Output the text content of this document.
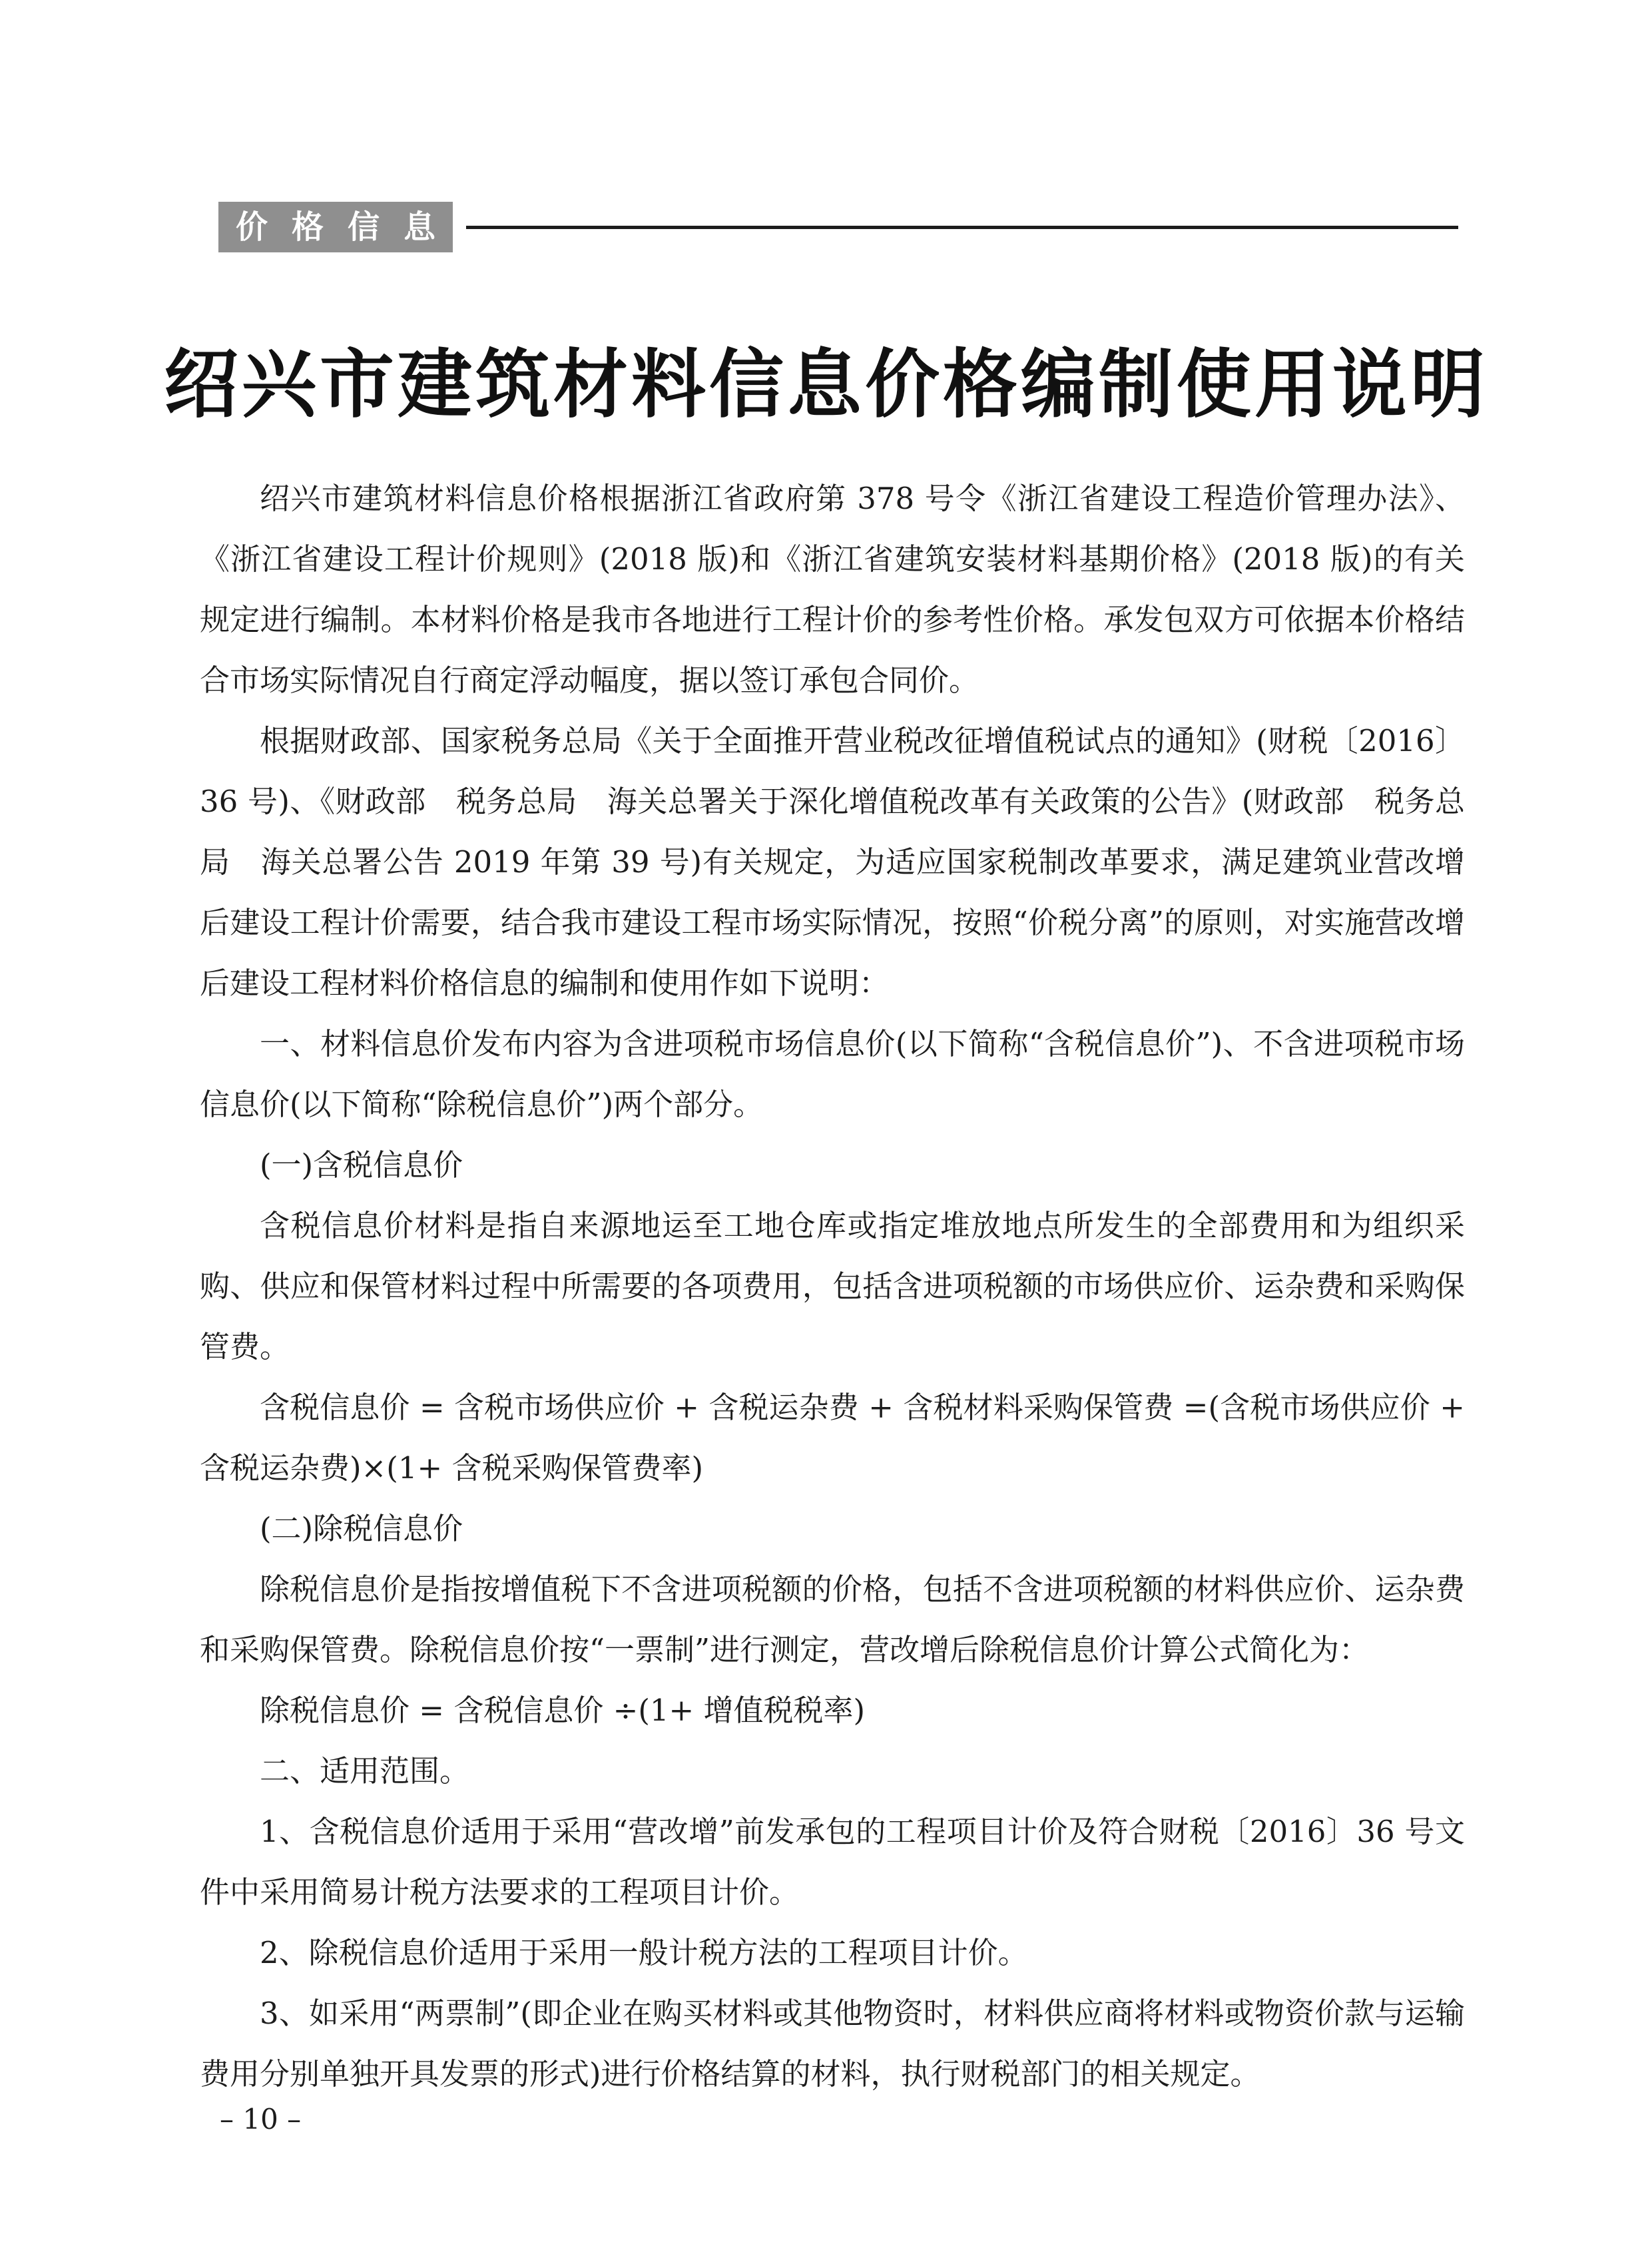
价格信息
绍兴市建筑材料信息价格编制使用说明

绍兴市建筑材料信息价格根据浙江省政府第 378 号令《浙江省建设工程造价管理办法》、《浙江省建设工程计价规则》(2018 版)和《浙江省建筑安装材料基期价格》(2018 版)的有关规定进行编制。本材料价格是我市各地进行工程计价的参考性价格。承发包双方可依据本价格结合市场实际情况自行商定浮动幅度，据以签订承包合同价。

根据财政部、国家税务总局《关于全面推开营业税改征增值税试点的通知》(财税〔2016〕36 号)、《财政部　税务总局　海关总署关于深化增值税改革有关政策的公告》(财政部　税务总局　海关总署公告 2019 年第 39 号)有关规定，为适应国家税制改革要求，满足建筑业营改增后建设工程计价需要，结合我市建设工程市场实际情况，按照“价税分离”的原则，对实施营改增后建设工程材料价格信息的编制和使用作如下说明：

一、材料信息价发布内容为含进项税市场信息价(以下简称“含税信息价”)、不含进项税市场信息价(以下简称“除税信息价”)两个部分。

(一)含税信息价

含税信息价材料是指自来源地运至工地仓库或指定堆放地点所发生的全部费用和为组织采购、供应和保管材料过程中所需要的各项费用，包括含进项税额的市场供应价、运杂费和采购保管费。

含税信息价 = 含税市场供应价 + 含税运杂费 + 含税材料采购保管费 =(含税市场供应价 + 含税运杂费)×(1+ 含税采购保管费率)

(二)除税信息价

除税信息价是指按增值税下不含进项税额的价格，包括不含进项税额的材料供应价、运杂费和采购保管费。除税信息价按“一票制”进行测定，营改增后除税信息价计算公式简化为：

除税信息价 = 含税信息价 ÷(1+ 增值税税率)

二、适用范围。

1、含税信息价适用于采用“营改增”前发承包的工程项目计价及符合财税〔2016〕36 号文件中采用简易计税方法要求的工程项目计价。

2、除税信息价适用于采用一般计税方法的工程项目计价。

3、如采用“两票制”(即企业在购买材料或其他物资时，材料供应商将材料或物资价款与运输费用分别单独开具发票的形式)进行价格结算的材料，执行财税部门的相关规定。

– 10 –
